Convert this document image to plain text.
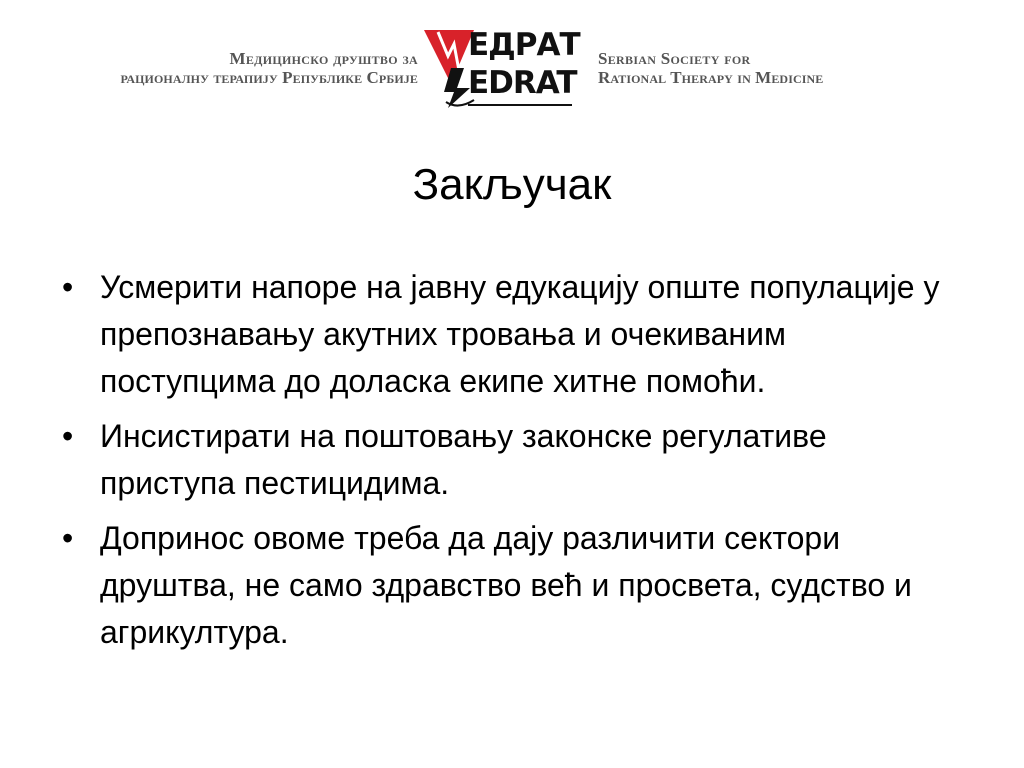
Медицинско друштво за
рационалну терапију Републике Србије
ЕДРАТ
EDRAT
Serbian Society for
Rational Therapy in Medicine
Закључак
• Усмерити напоре на јавну едукацију опште популације у препознавању акутних тровања и очекиваним поступцима до доласка екипе хитне помоћи.
• Инсистирати на поштовању законске регулативе приступа пестицидима.
• Допринос овоме треба да дају различити сектори друштва, не само здравство већ и просвета, судство и агрикултура.
